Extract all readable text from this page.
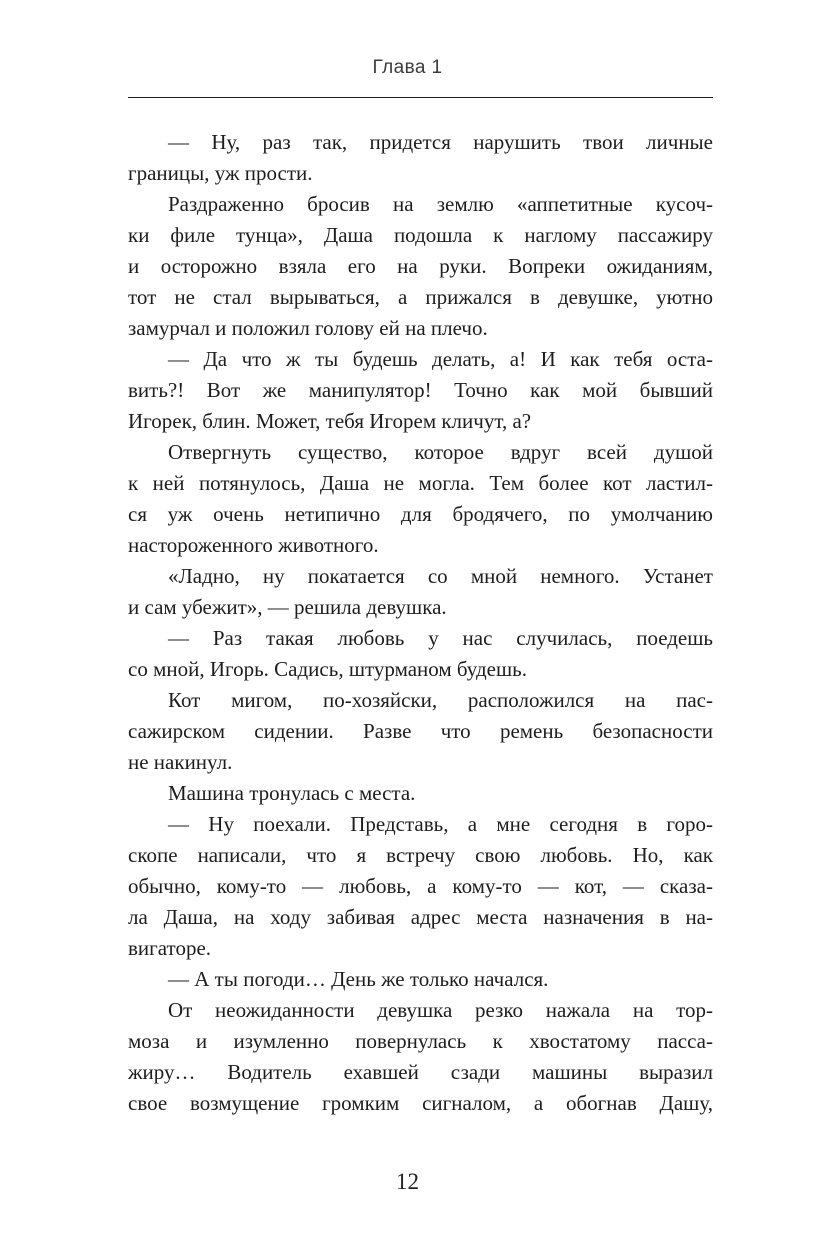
Глава 1
— Ну, раз так, придется нарушить твои личные
границы, уж прости.
Раздраженно бросив на землю «аппетитные кусоч-
ки филе тунца», Даша подошла к наглому пассажиру
и осторожно взяла его на руки. Вопреки ожиданиям,
тот не стал вырываться, а прижался в девушке, уютно
замурчал и положил голову ей на плечо.
— Да что ж ты будешь делать, а! И как тебя оста-
вить?! Вот же манипулятор! Точно как мой бывший
Игорек, блин. Может, тебя Игорем кличут, а?
Отвергнуть существо, которое вдруг всей душой
к ней потянулось, Даша не могла. Тем более кот ластил-
ся уж очень нетипично для бродячего, по умолчанию
настороженного животного.
«Ладно, ну покатается со мной немного. Устанет
и сам убежит», — решила девушка.
— Раз такая любовь у нас случилась, поедешь
со мной, Игорь. Садись, штурманом будешь.
Кот мигом, по-хозяйски, расположился на пас-
сажирском сидении. Разве что ремень безопасности
не накинул.
Машина тронулась с места.
— Ну поехали. Представь, а мне сегодня в горо-
скопе написали, что я встречу свою любовь. Но, как
обычно, кому-то — любовь, а кому-то — кот, — сказа-
ла Даша, на ходу забивая адрес места назначения в на-
вигаторе.
— А ты погоди… День же только начался.
От неожиданности девушка резко нажала на тор-
моза и изумленно повернулась к хвостатому пасса-
жиру… Водитель ехавшей сзади машины выразил
свое возмущение громким сигналом, а обогнав Дашу,
12
